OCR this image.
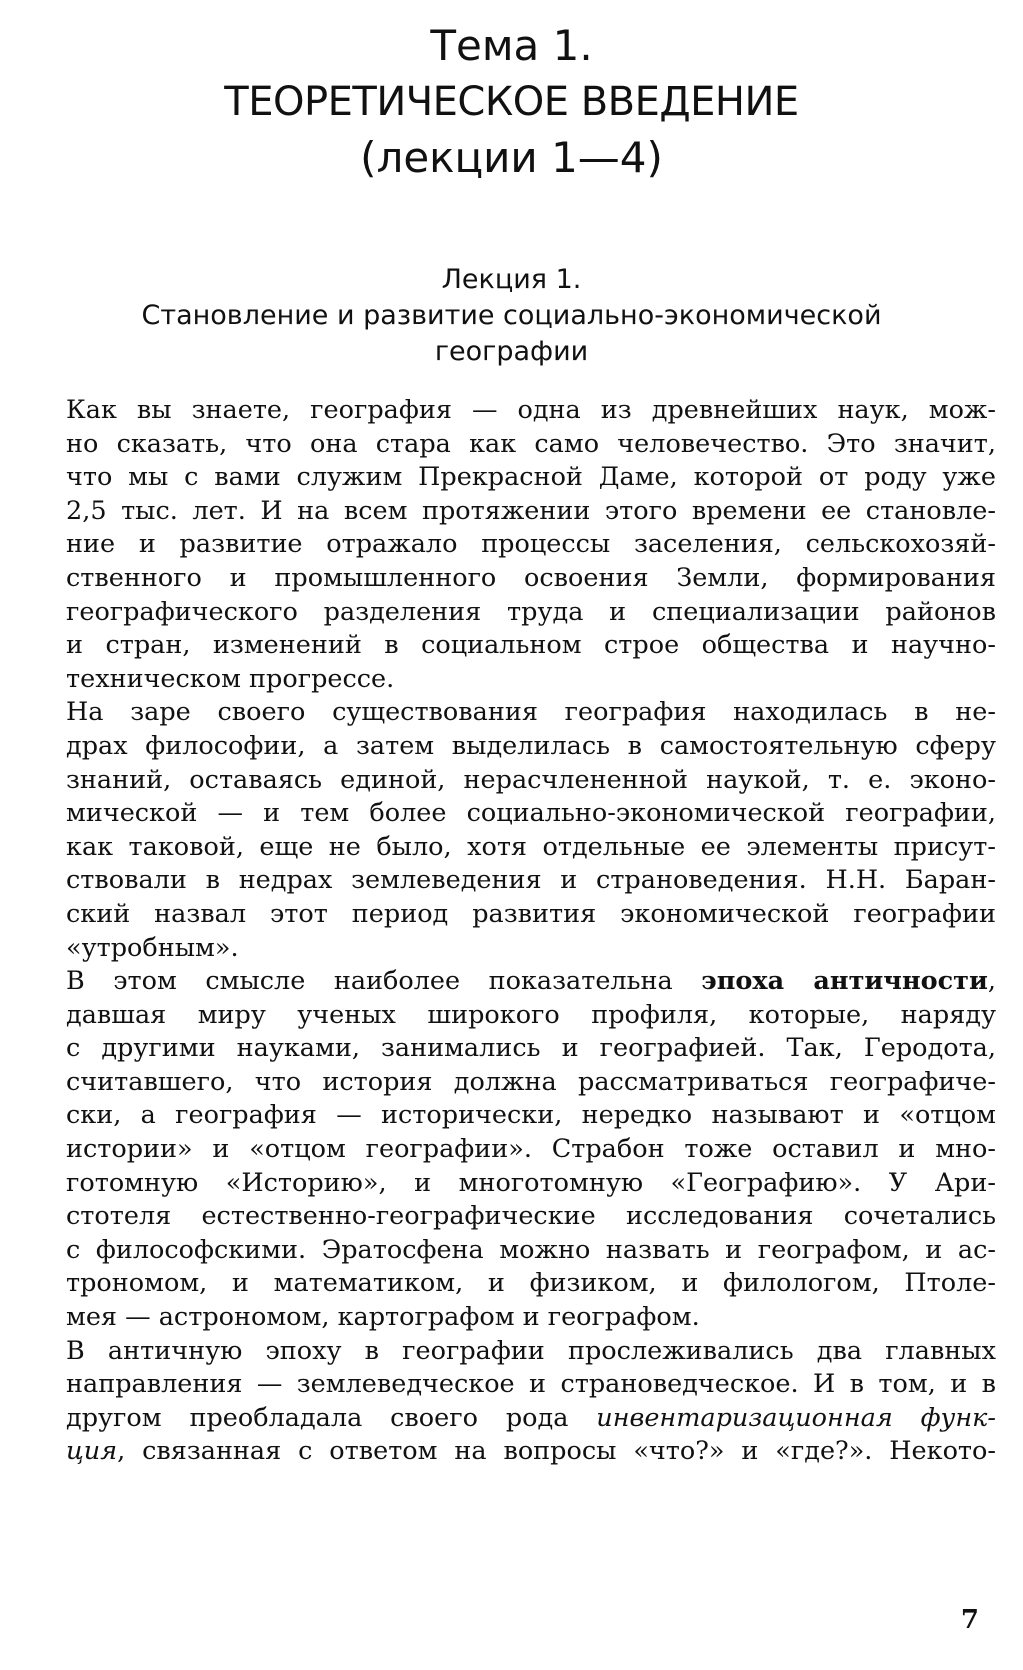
Тема 1.
ТЕОРЕТИЧЕСКОЕ ВВЕДЕНИЕ
(лекции 1—4)
Лекция 1.
Становление и развитие социально-экономической
географии
Как вы знаете, география — одна из древнейших наук, мож-
но сказать, что она стара как само человечество. Это значит,
что мы с вами служим Прекрасной Даме, которой от роду уже
2,5 тыс. лет. И на всем протяжении этого времени ее становле-
ние и развитие отражало процессы заселения, сельскохозяй-
ственного и промышленного освоения Земли, формирования
географического разделения труда и специализации районов
и стран, изменений в социальном строе общества и научно-
техническом прогрессе.
На заре своего существования география находилась в не-
драх философии, а затем выделилась в самостоятельную сферу
знаний, оставаясь единой, нерасчлененной наукой, т. е. эконо-
мической — и тем более социально-экономической географии,
как таковой, еще не было, хотя отдельные ее элементы присут-
ствовали в недрах землеведения и страноведения. Н.Н. Баран-
ский назвал этот период развития экономической географии
«утробным».
В этом смысле наиболее показательна эпоха античности,
давшая миру ученых широкого профиля, которые, наряду
с другими науками, занимались и географией. Так, Геродота,
считавшего, что история должна рассматриваться географиче-
ски, а география — исторически, нередко называют и «отцом
истории» и «отцом географии». Страбон тоже оставил и мно-
готомную «Историю», и многотомную «Географию». У Ари-
стотеля естественно-географические исследования сочетались
с философскими. Эратосфена можно назвать и географом, и ас-
трономом, и математиком, и физиком, и филологом, Птоле-
мея — астрономом, картографом и географом.
В античную эпоху в географии прослеживались два главных
направления — землеведческое и страноведческое. И в том, и в
другом преобладала своего рода инвентаризационная функ-
ция, связанная с ответом на вопросы «что?» и «где?». Некото-
7
